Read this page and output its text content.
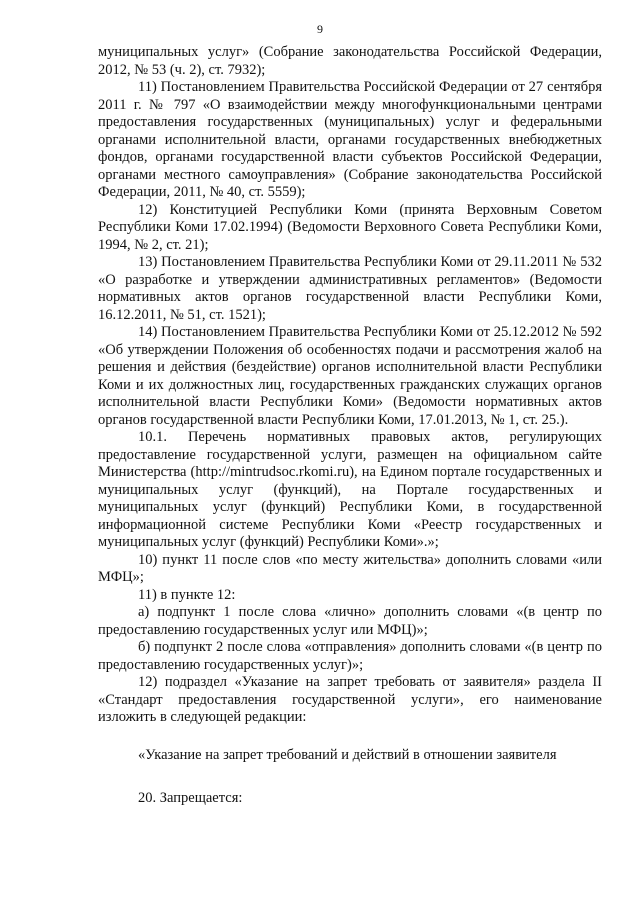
9

муниципальных услуг» (Собрание законодательства Российской Федерации, 2012, № 53 (ч. 2), ст. 7932);

11) Постановлением Правительства Российской Федерации от 27 сентября 2011 г. № 797 «О взаимодействии между многофункциональными центрами предоставления государственных (муниципальных) услуг и федеральными органами исполнительной власти, органами государственных внебюджетных фондов, органами государственной власти субъектов Российской Федерации, органами местного самоуправления» (Собрание законодательства Российской Федерации, 2011, № 40, ст. 5559);

12) Конституцией Республики Коми (принята Верховным Советом Республики Коми 17.02.1994) (Ведомости Верховного Совета Республики Коми, 1994, № 2, ст. 21);

13) Постановлением Правительства Республики Коми от 29.11.2011 № 532 «О разработке и утверждении административных регламентов» (Ведомости нормативных актов органов государственной власти Республики Коми, 16.12.2011, № 51, ст. 1521);

14) Постановлением Правительства Республики Коми от 25.12.2012 № 592 «Об утверждении Положения об особенностях подачи и рассмотрения жалоб на решения и действия (бездействие) органов исполнительной власти Республики Коми и их должностных лиц, государственных гражданских служащих органов исполнительной власти Республики Коми» (Ведомости нормативных актов органов государственной власти Республики Коми, 17.01.2013, № 1, ст. 25.).

10.1. Перечень нормативных правовых актов, регулирующих предоставление государственной услуги, размещен на официальном сайте Министерства (http://mintrudsoc.rkomi.ru), на Едином портале государственных и муниципальных услуг (функций), на Портале государственных и муниципальных услуг (функций) Республики Коми, в государственной информационной системе Республики Коми «Реестр государственных и муниципальных услуг (функций) Республики Коми».»;

10) пункт 11 после слов «по месту жительства» дополнить словами «или МФЦ»;

11) в пункте 12:

а) подпункт 1 после слова «лично» дополнить словами «(в центр по предоставлению государственных услуг или МФЦ)»;

б) подпункт 2 после слова «отправления» дополнить словами «(в центр по предоставлению государственных услуг)»;

12) подраздел «Указание на запрет требовать от заявителя» раздела II «Стандарт предоставления государственной услуги», его наименование изложить в следующей редакции:

«Указание на запрет требований и действий в отношении заявителя

20. Запрещается:
